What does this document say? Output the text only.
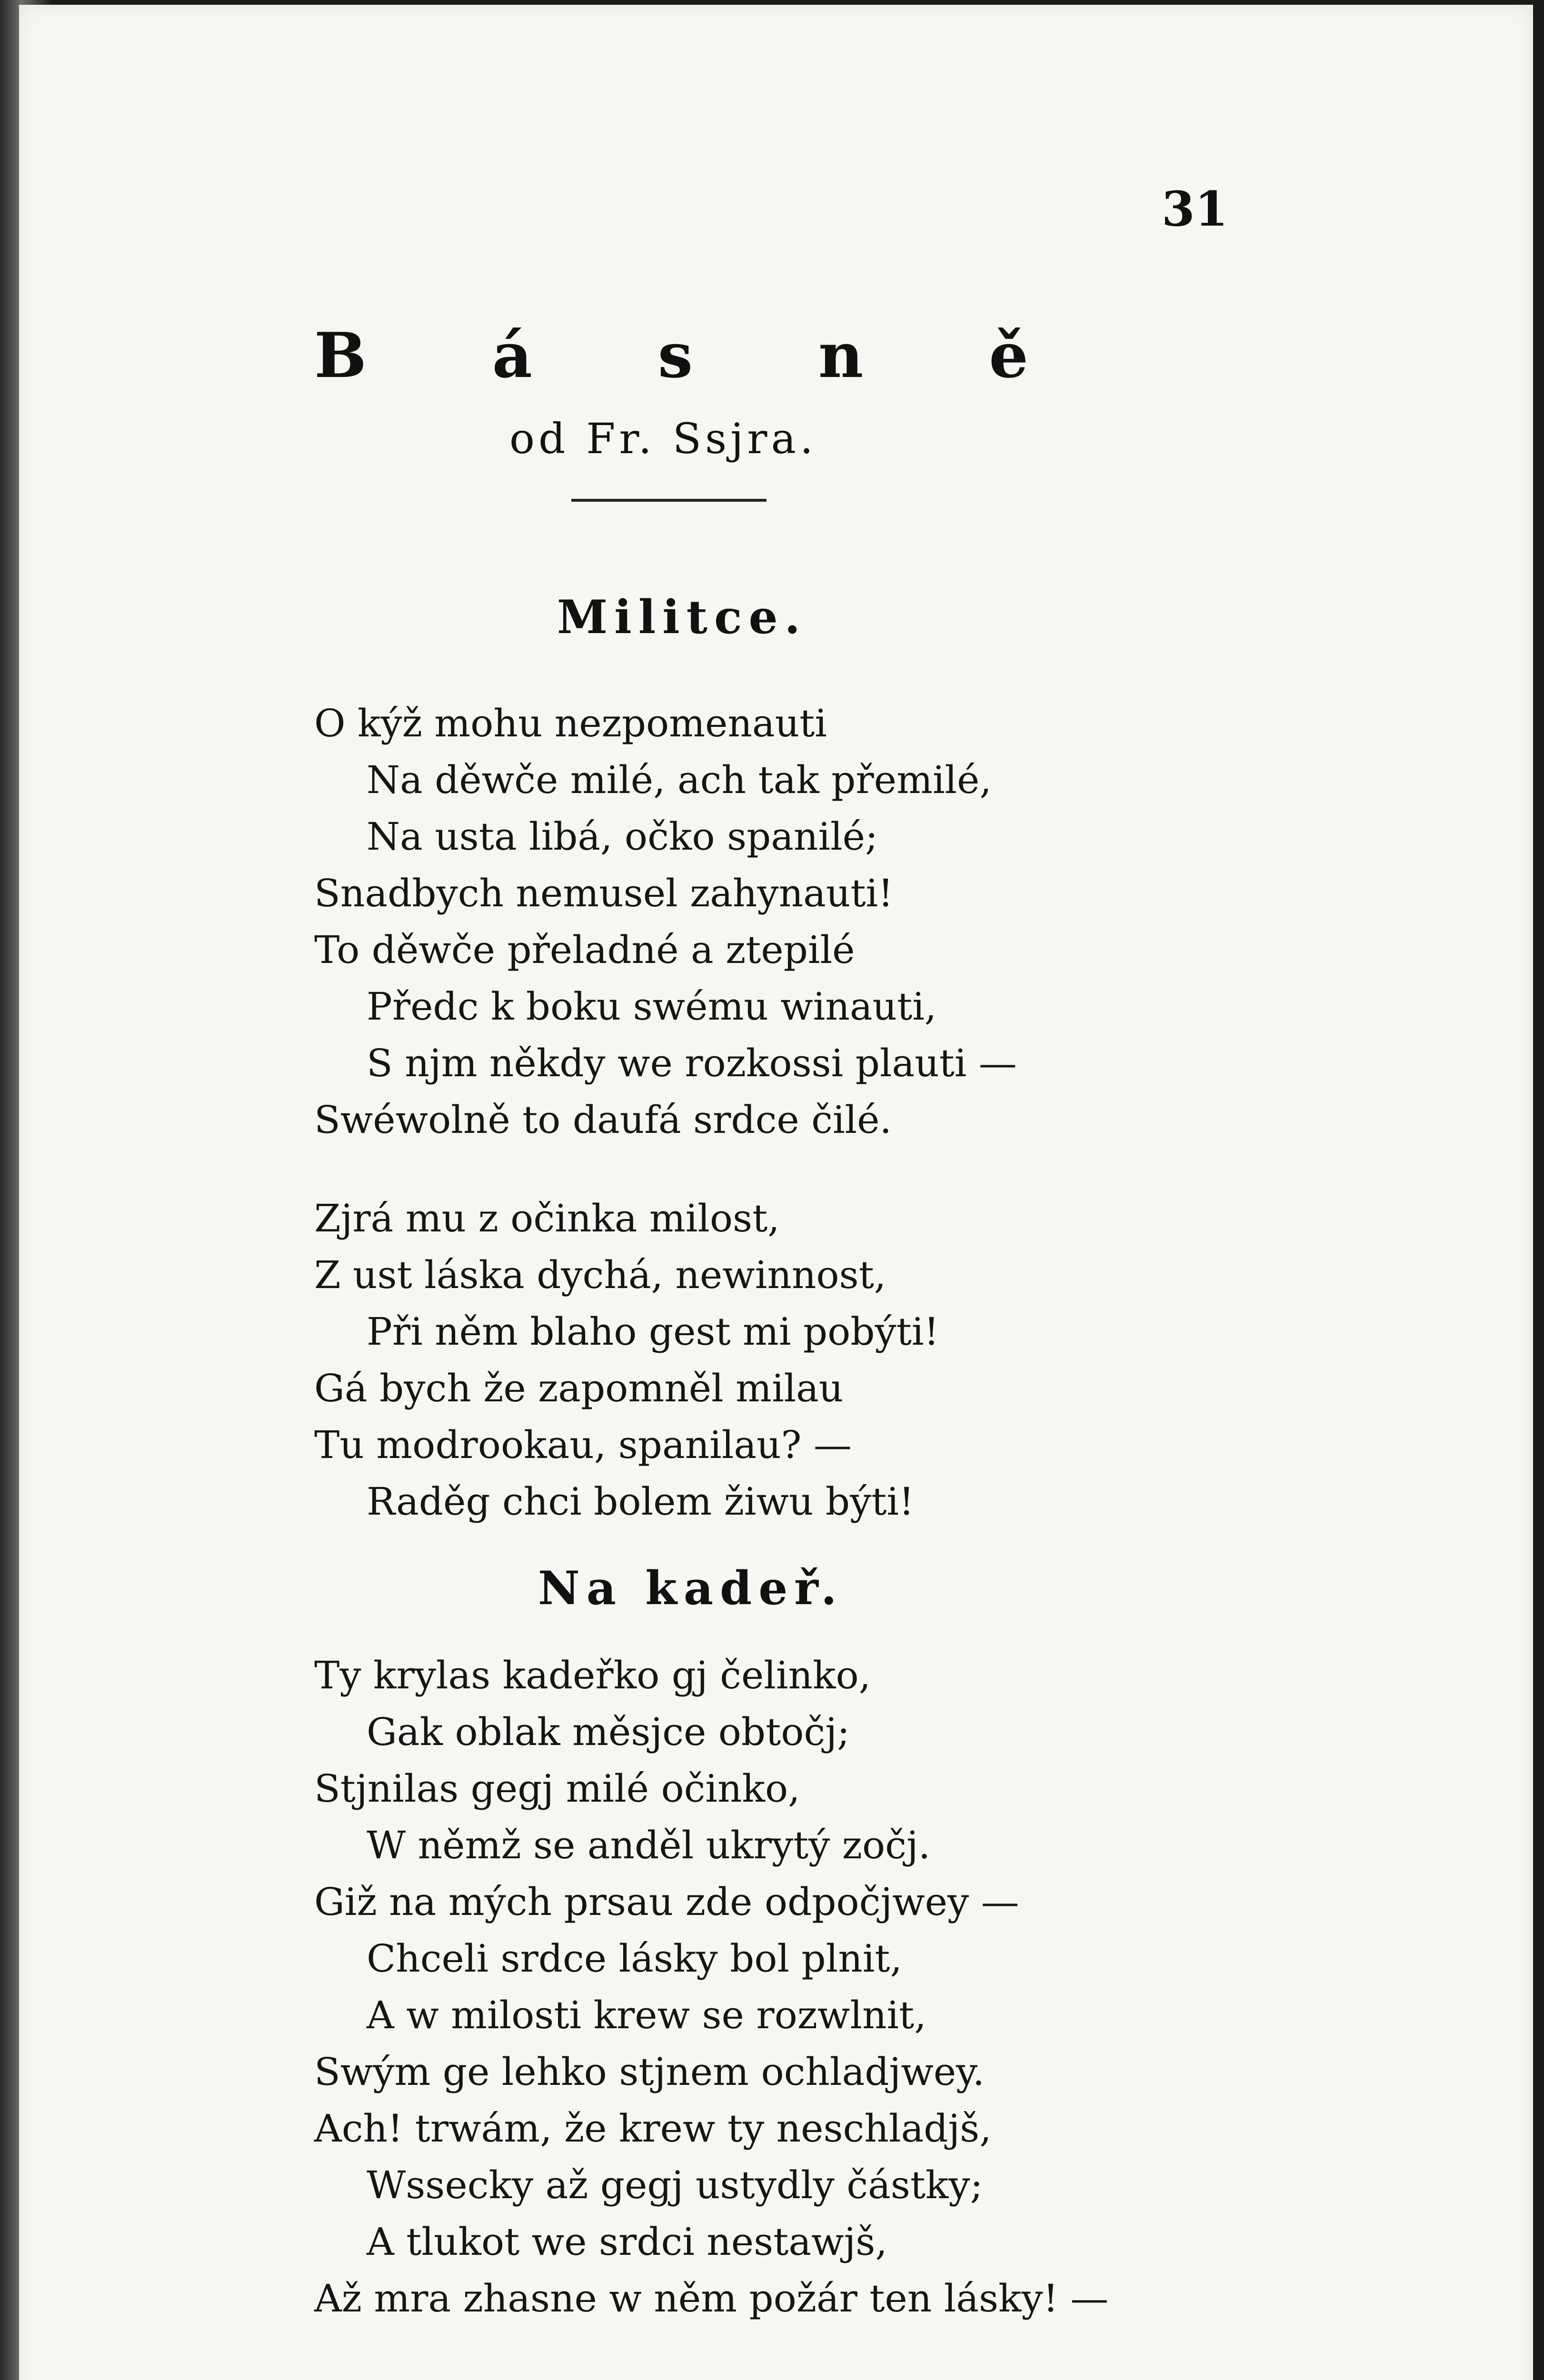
31
B á s n ě
od Fr. Ssjra.
Militce.
O kýž mohu nezpomenauti
Na děwče milé, ach tak přemilé,
Na usta libá, očko spanilé;
Snadbych nemusel zahynauti!
To děwče přeladné a ztepilé
Předc k boku swému winauti,
S njm někdy we rozkossi plauti —
Swéwolně to daufá srdce čilé.
Zjrá mu z očinka milost,
Z ust láska dychá, newinnost,
Při něm blaho gest mi pobýti!
Gá bych že zapomněl milau
Tu modrookau, spanilau? —
Raděg chci bolem žiwu býti!
Na kadeř.
Ty krylas kadeřko gj čelinko,
Gak oblak měsjce obtočj;
Stjnilas gegj milé očinko,
W němž se anděl ukrytý zočj.
Giž na mých prsau zde odpočjwey —
Chceli srdce lásky bol plnit,
A w milosti krew se rozwlnit,
Swým ge lehko stjnem ochladjwey.
Ach! trwám, že krew ty neschladjš,
Wssecky až gegj ustydly částky;
A tlukot we srdci nestawjš,
Až mra zhasne w něm požár ten lásky! —
